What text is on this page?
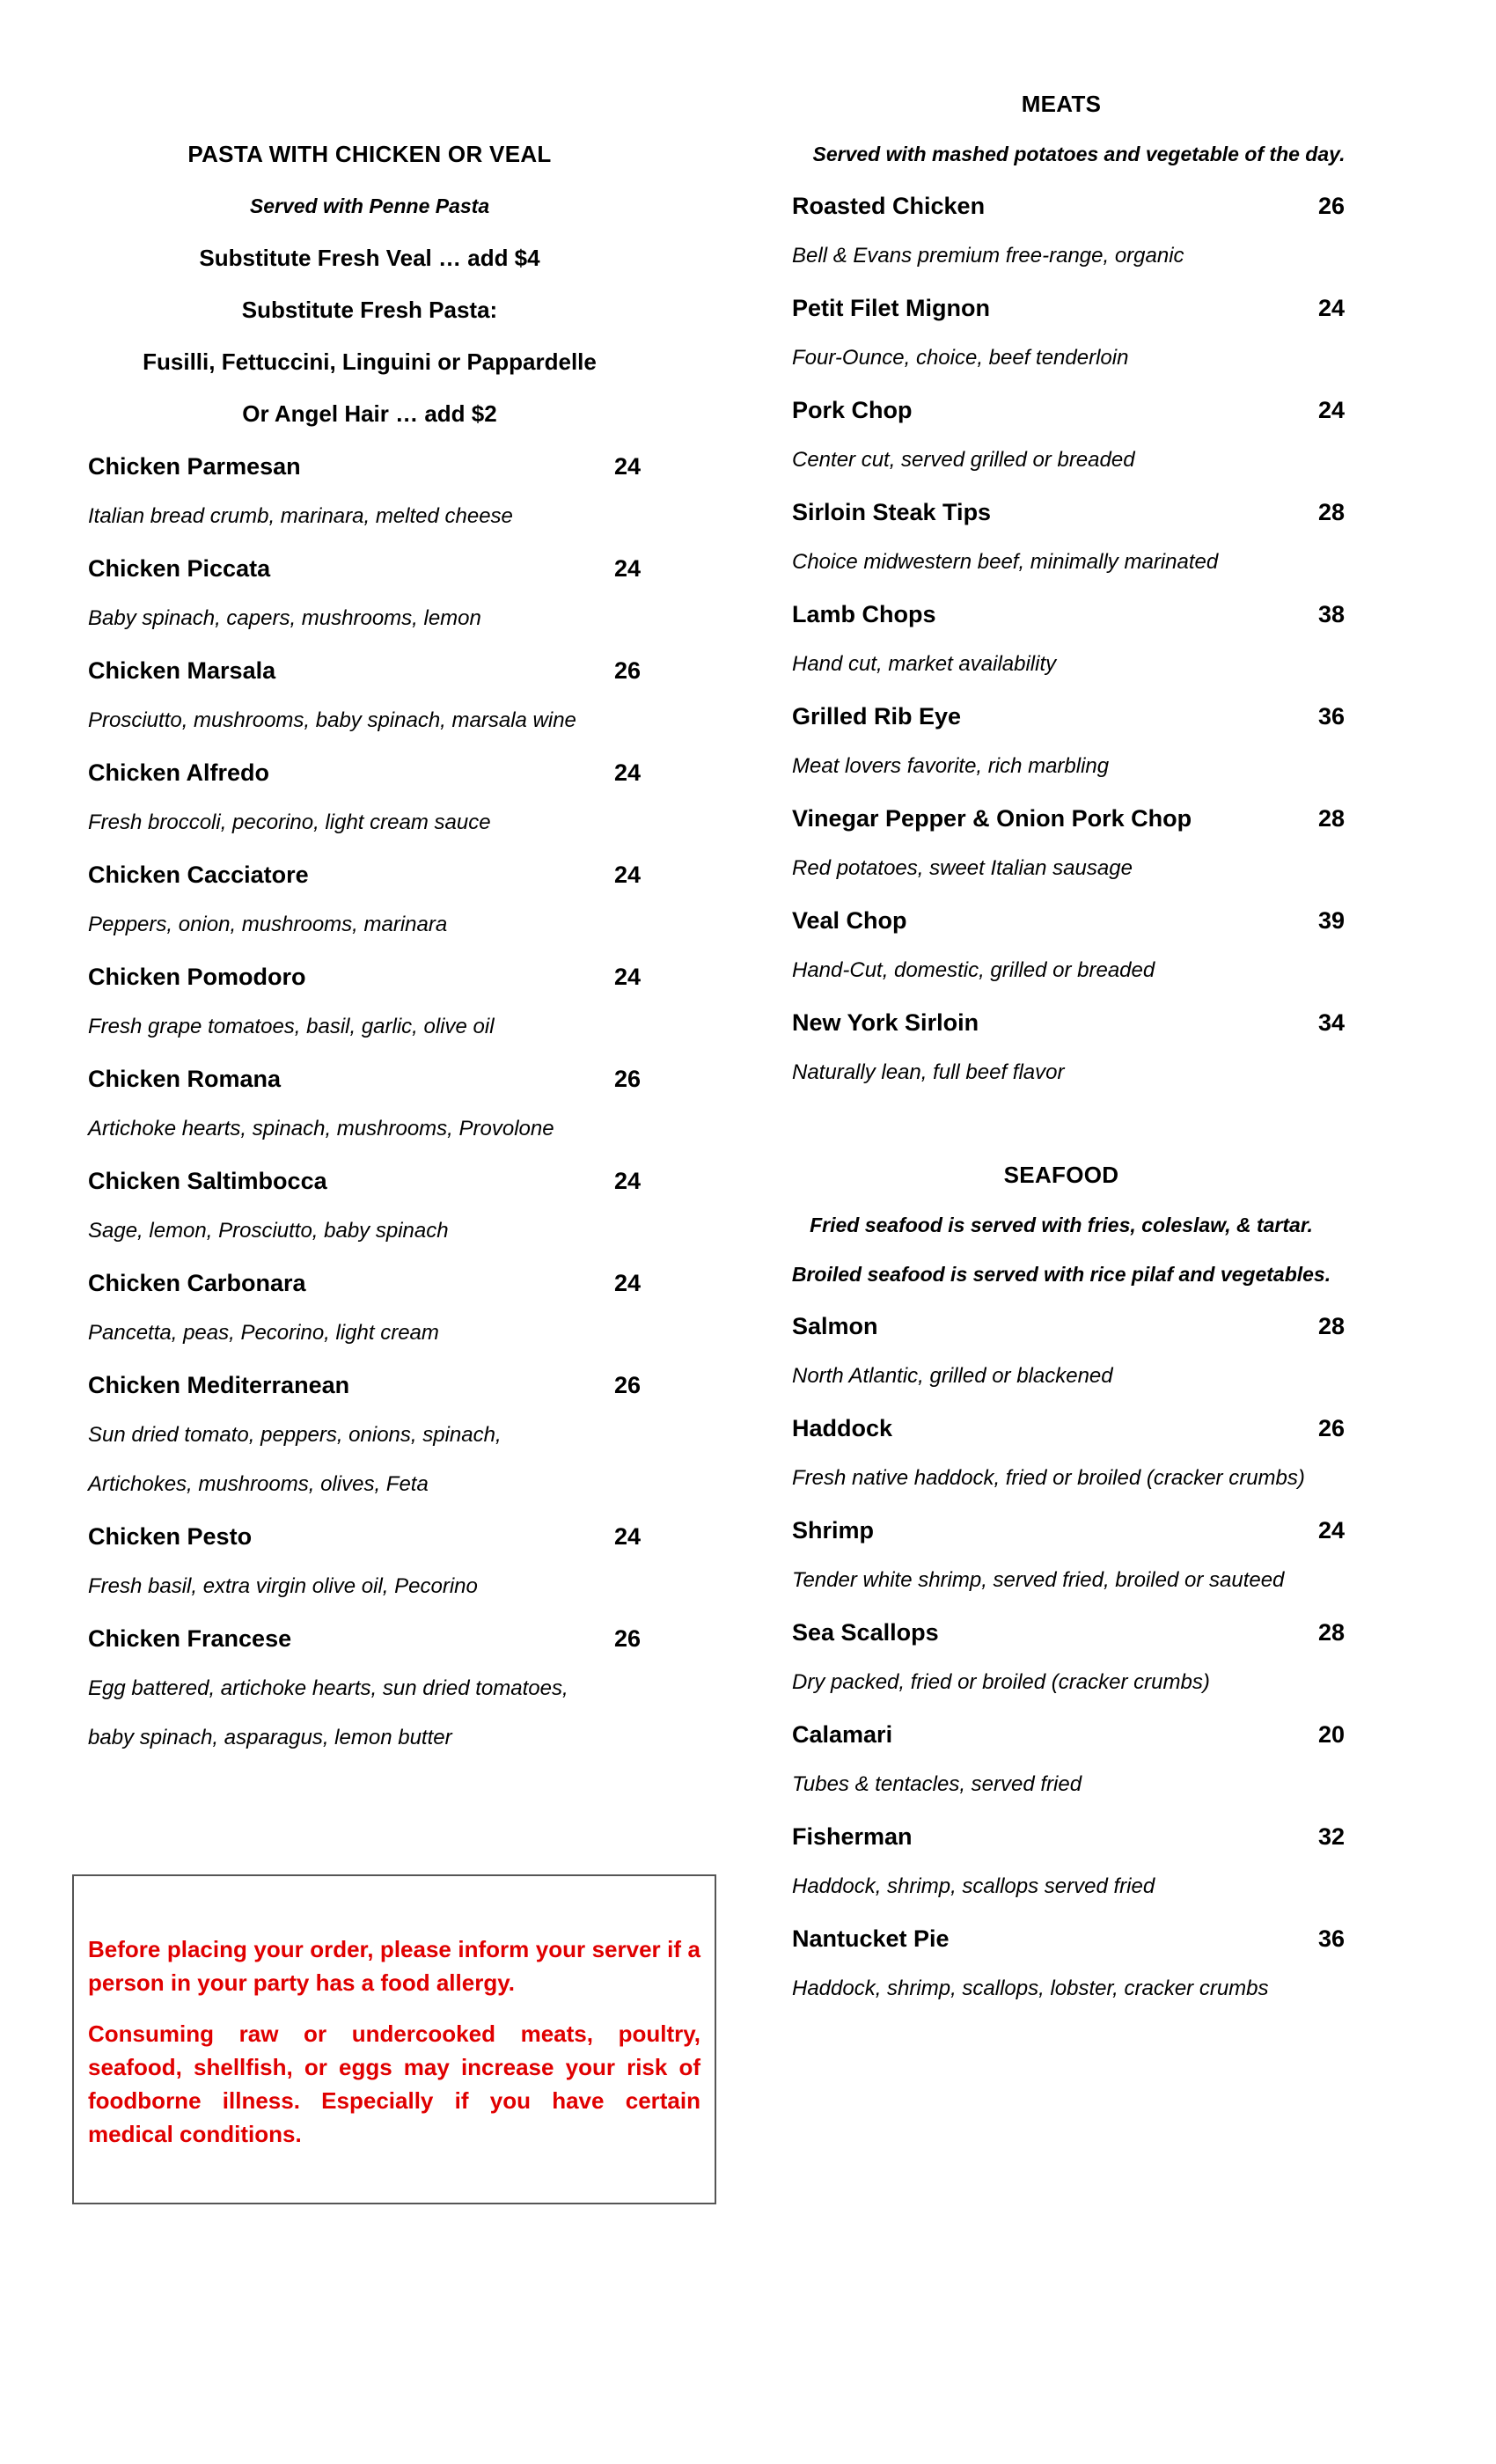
PASTA WITH CHICKEN OR VEAL
Served with Penne Pasta
Substitute Fresh Veal … add $4
Substitute Fresh Pasta:
Fusilli, Fettuccini, Linguini or Pappardelle
Or Angel Hair … add $2
Chicken Parmesan	24
Italian bread crumb, marinara, melted cheese
Chicken Piccata	24
Baby spinach, capers, mushrooms, lemon
Chicken Marsala	26
Prosciutto, mushrooms, baby spinach, marsala wine
Chicken Alfredo	24
Fresh broccoli, pecorino, light cream sauce
Chicken Cacciatore	24
Peppers, onion, mushrooms, marinara
Chicken Pomodoro	24
Fresh grape tomatoes, basil, garlic, olive oil
Chicken Romana	26
Artichoke hearts, spinach, mushrooms, Provolone
Chicken Saltimbocca	24
Sage, lemon, Prosciutto, baby spinach
Chicken Carbonara	24
Pancetta, peas, Pecorino, light cream
Chicken Mediterranean	26
Sun dried tomato, peppers, onions, spinach,
Artichokes, mushrooms, olives, Feta
Chicken Pesto	24
Fresh basil, extra virgin olive oil, Pecorino
Chicken Francese	26
Egg battered, artichoke hearts, sun dried tomatoes,
baby spinach, asparagus, lemon butter

Before placing your order, please inform your server if a person in your party has a food allergy.

Consuming raw or undercooked meats, poultry, seafood, shellfish, or eggs may increase your risk of foodborne illness. Especially if you have certain medical conditions.

MEATS
Served with mashed potatoes and vegetable of the day.
Roasted Chicken	26
Bell & Evans premium free-range, organic
Petit Filet Mignon	24
Four-Ounce, choice, beef tenderloin
Pork Chop	24
Center cut, served grilled or breaded
Sirloin Steak Tips	28
Choice midwestern beef, minimally marinated
Lamb Chops	38
Hand cut, market availability
Grilled Rib Eye	36
Meat lovers favorite, rich marbling
Vinegar Pepper & Onion Pork Chop	28
Red potatoes, sweet Italian sausage
Veal Chop	39
Hand-Cut, domestic, grilled or breaded
New York Sirloin	34
Naturally lean, full beef flavor
SEAFOOD
Fried seafood is served with fries, coleslaw, & tartar.
Broiled seafood is served with rice pilaf and vegetables.
Salmon	28
North Atlantic, grilled or blackened
Haddock	26
Fresh native haddock, fried or broiled (cracker crumbs)
Shrimp	24
Tender white shrimp, served fried, broiled or sauteed
Sea Scallops	28
Dry packed, fried or broiled (cracker crumbs)
Calamari	20
Tubes & tentacles, served fried
Fisherman	32
Haddock, shrimp, scallops served fried
Nantucket Pie	36
Haddock, shrimp, scallops, lobster, cracker crumbs
